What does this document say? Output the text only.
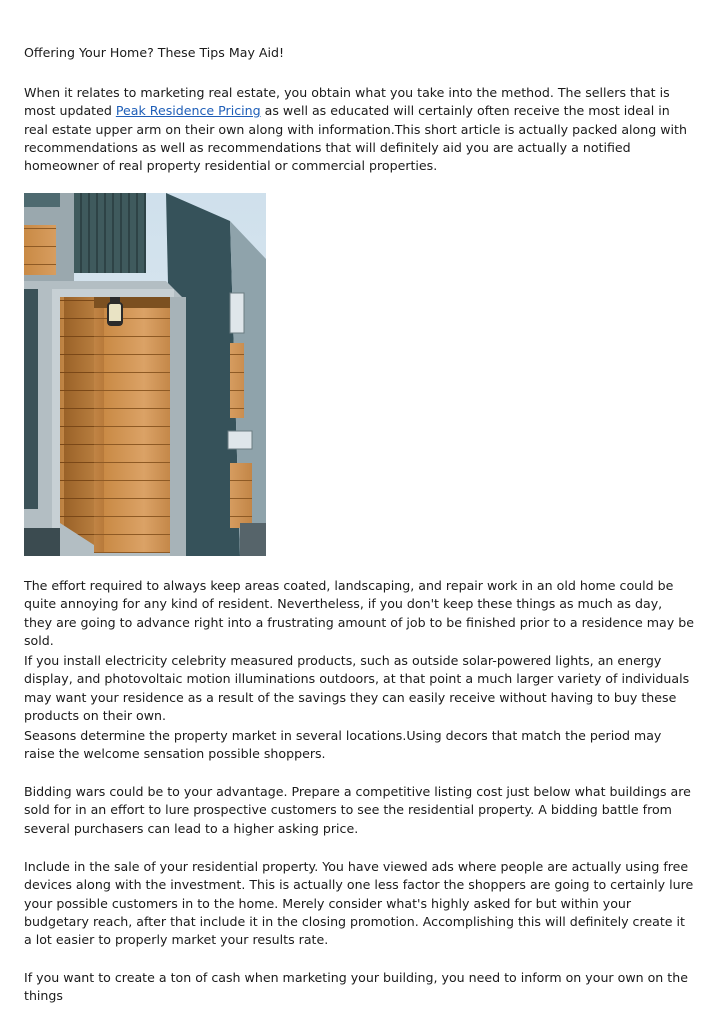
Offering Your Home? These Tips May Aid!

When it relates to marketing real estate, you obtain what you take into the method. The sellers that is most updated Peak Residence Pricing as well as educated will certainly often receive the most ideal in real estate upper arm on their own along with information.This short article is actually packed along with recommendations as well as recommendations that will definitely aid you are actually a notified homeowner of real property residential or commercial properties.

The effort required to always keep areas coated, landscaping, and repair work in an old home could be quite annoying for any kind of resident. Nevertheless, if you don't keep these things as much as day, they are going to advance right into a frustrating amount of job to be finished prior to a residence may be sold.

If you install electricity celebrity measured products, such as outside solar-powered lights, an energy display, and photovoltaic motion illuminations outdoors, at that point a much larger variety of individuals may want your residence as a result of the savings they can easily receive without having to buy these products on their own.

Seasons determine the property market in several locations.Using decors that match the period may raise the welcome sensation possible shoppers.

Bidding wars could be to your advantage. Prepare a competitive listing cost just below what buildings are sold for in an effort to lure prospective customers to see the residential property. A bidding battle from several purchasers can lead to a higher asking price.

Include in the sale of your residential property. You have viewed ads where people are actually using free devices along with the investment. This is actually one less factor the shoppers are going to certainly lure your possible customers in to the home. Merely consider what's highly asked for but within your budgetary reach, after that include it in the closing promotion. Accomplishing this will definitely create it a lot easier to properly market your results rate.

If you want to create a ton of cash when marketing your building, you need to inform on your own on the things
